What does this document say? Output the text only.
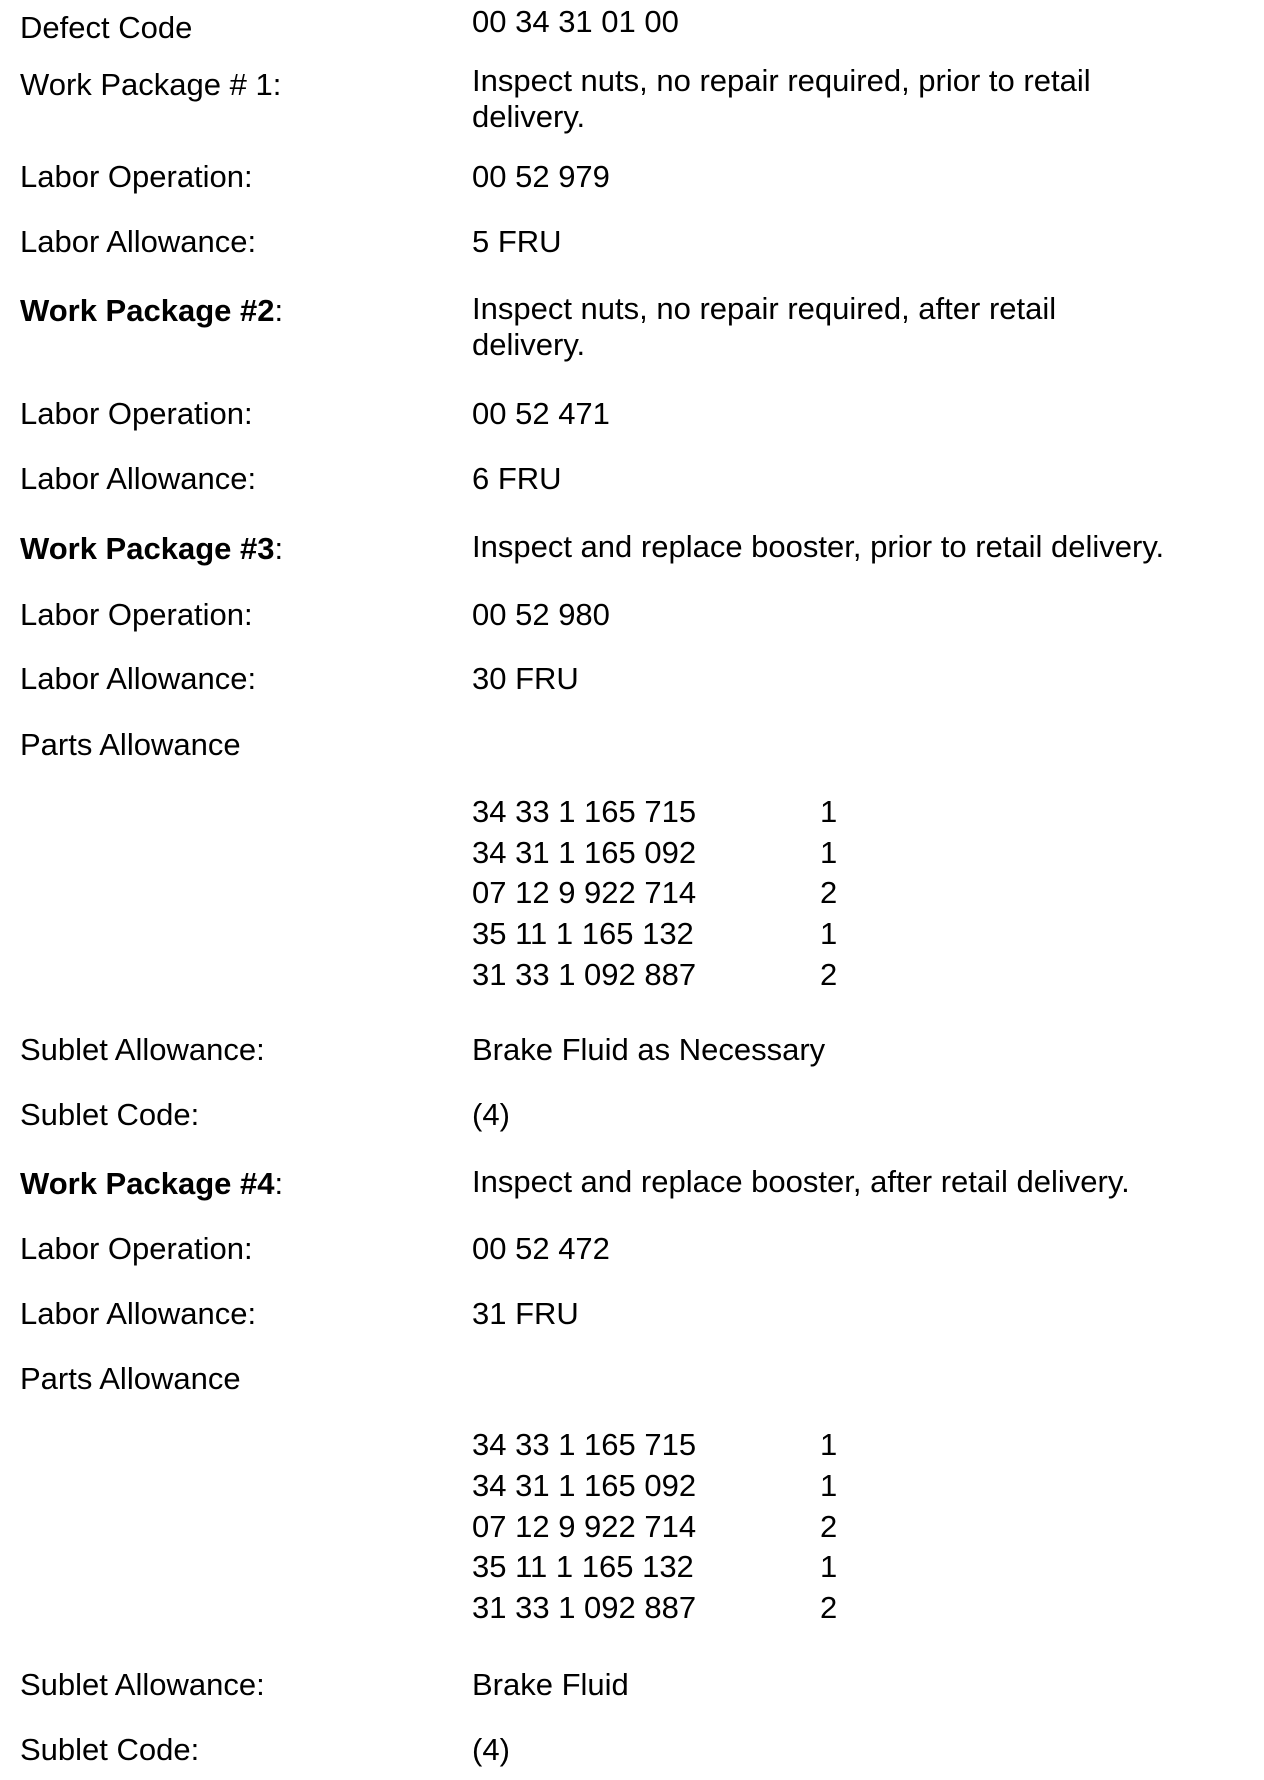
Defect Code	00 34 31 01 00
Work Package # 1:	Inspect nuts, no repair required, prior to retail delivery.
Labor Operation:	00 52 979
Labor Allowance:	5 FRU
Work Package #2:	Inspect nuts, no repair required, after retail delivery.
Labor Operation:	00 52 471
Labor Allowance:	6 FRU
Work Package #3:	Inspect and replace booster, prior to retail delivery.
Labor Operation:	00 52 980
Labor Allowance:	30 FRU
Parts Allowance
34 33 1 165 715	1
34 31 1 165 092	1
07 12 9 922 714	2
35 11 1 165 132	1
31 33 1 092 887	2
Sublet Allowance:	Brake Fluid as Necessary
Sublet Code:	(4)
Work Package #4:	Inspect and replace booster, after retail delivery.
Labor Operation:	00 52 472
Labor Allowance:	31 FRU
Parts Allowance
34 33 1 165 715	1
34 31 1 165 092	1
07 12 9 922 714	2
35 11 1 165 132	1
31 33 1 092 887	2
Sublet Allowance:	Brake Fluid
Sublet Code:	(4)
